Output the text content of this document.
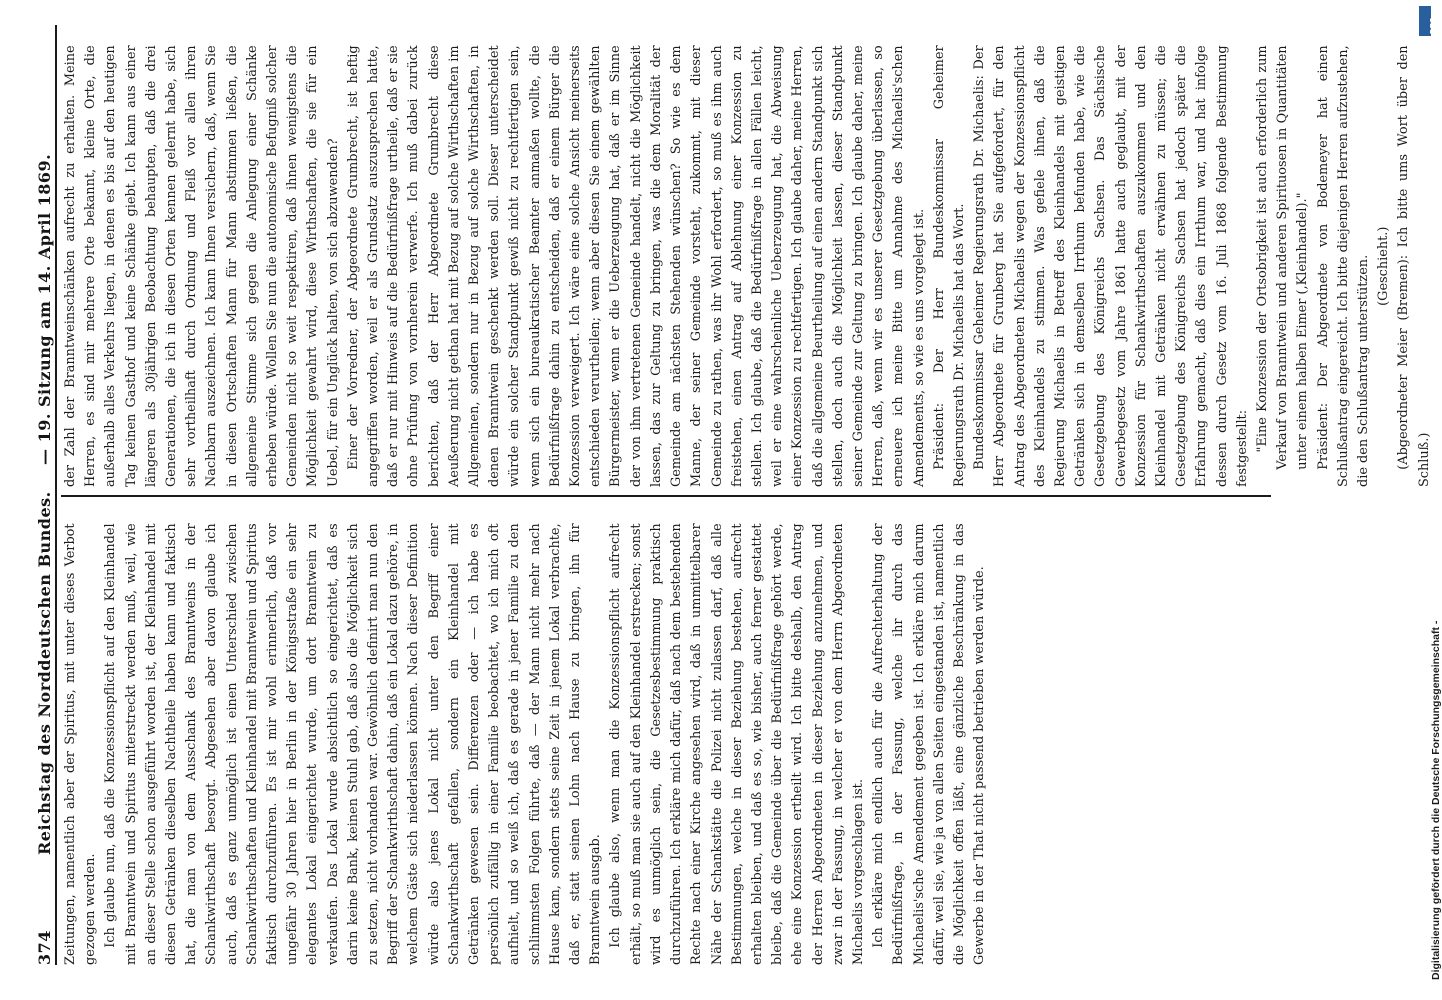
374
Reichstag des Norddeutschen Bundes.
— 19. Sitzung am 14. April 1869.

Zeitungen, namentlich aber der Spiritus, mit unter dieses Verbot gezogen werden. Ich glaube nun, daß die Konzessionspflicht auf den Kleinhandel mit Branntwein und Spiritus miterstreckt werden muß, weil, wie an dieser Stelle schon ausgeführt worden ist, der Kleinhandel mit diesen Getränken dieselben Nachtheile haben kann und faktisch hat, die man von dem Ausschank des Branntweins in der Schankwirthschaft besorgt. Abgesehen aber davon glaube ich auch, daß es ganz unmöglich ist einen Unterschied zwischen Schankwirthschaften und Kleinhandel mit Branntwein und Spiritus faktisch durchzuführen. Es ist mir wohl erinnerlich, daß vor ungefähr 30 Jahren hier in Berlin in der Königsstraße ein sehr elegantes Lokal eingerichtet wurde, um dort Branntwein zu verkaufen. Das Lokal wurde absichtlich so eingerichtet, daß es darin keine Bank, keinen Stuhl gab, daß also die Möglichkeit sich zu setzen, nicht vorhanden war. Gewöhnlich definirt man nun den Begriff der Schankwirthschaft dahin, daß ein Lokal dazu gehöre, in welchem Gäste sich niederlassen können. Nach dieser Definition würde also jenes Lokal nicht unter den Begriff einer Schankwirthschaft gefallen, sondern ein Kleinhandel mit Getränken gewesen sein. Differenzen oder — ich habe es persönlich zufällig in einer Familie beobachtet, wo ich mich oft aufhielt, und so weiß ich, daß es gerade in jener Familie zu den schlimmsten Folgen führte, daß — der Mann nicht mehr nach Hause kam, sondern stets seine Zeit in jenem Lokal verbrachte, daß er, statt seinen Lohn nach Hause zu bringen, ihn für Branntwein ausgab. Ich glaube also, wenn man die Konzessionspflicht aufrecht erhält, so muß man sie auch auf den Kleinhandel erstrecken; sonst wird es unmöglich sein, die Gesetzesbestimmung praktisch durchzuführen. Ich erkläre mich dafür, daß nach dem bestehenden Rechte nach einer Kirche angesehen wird, daß in ummittelbarer Nähe der Schankstätte die Polizei nicht zulassen darf, daß alle Bestimmungen, welche in dieser Beziehung bestehen, aufrecht erhalten bleiben, und daß es so, wie bisher, auch ferner gestattet bleibe, daß die Gemeinde über die Bedürfnißfrage gehört werde, ehe eine Konzession ertheilt wird. Ich bitte deshalb, den Antrag der Herren Abgeordneten in dieser Beziehung anzunehmen, und zwar in der Fassung, in welcher er von dem Herrn Abgeordneten Michaelis vorgeschlagen ist. Ich erkläre mich endlich auch für die Aufrechterhaltung der Bedürfnißfrage, in der Fassung, welche ihr durch das Michaelis'sche Amendement gegeben ist. Ich erkläre mich darum dafür, weil sie, wie ja von allen Seiten eingestanden ist, namentlich die Möglichkeit offen läßt, eine gänzliche Beschränkung in das Gewerbe in der That nicht passend betrieben werden würde.

der Zahl der Branntweinschänken aufrecht zu erhalten. Meine Herren, es sind mir mehrere Orte bekannt, kleine Orte, die außerhalb alles Verkehrs liegen, in denen es bis auf den heutigen Tag keinen Gasthof und keine Schänke giebt. Ich kann aus einer längeren als 30jährigen Beobachtung behaupten, daß die drei Generationen, die ich in diesen Orten kennen gelernt habe, sich sehr vortheilhaft durch Ordnung und Fleiß vor allen ihren Nachbarn auszeichnen. Ich kann Ihnen versichern, daß, wenn Sie in diesen Ortschaften Mann für Mann abstimmen ließen, die allgemeine Stimme sich gegen die Anlegung einer Schänke erheben würde. Wollen Sie nun die autonomische Befugniß solcher Gemeinden nicht so weit respektiren, daß ihnen wenigstens die Möglichkeit gewahrt wird, diese Wirthschaften, die sie für ein Uebel, für ein Unglück halten, von sich abzuwenden? Einer der Vorredner, der Abgeordnete Grumbrecht, ist heftig angegriffen worden, weil er als Grundsatz auszusprechen hatte, daß er nur mit Hinweis auf die Bedürfnißfrage urtheile, daß er sie ohne Prüfung von vornherein verwerfe. Ich muß dabei zurück berichten, daß der Herr Abgeordnete Grumbrecht diese Aeußerung nicht gethan hat mit Bezug auf solche Wirthschaften im Allgemeinen, sondern nur in Bezug auf solche Wirthschaften, in denen Branntwein geschenkt werden soll. Dieser unterscheidet würde ein solcher Standpunkt gewiß nicht zu rechtfertigen sein, wenn sich ein bureaukratischer Beamter anmaßen wollte, die Bedürfnißfrage dahin zu entscheiden, daß er einem Bürger die Konzession verweigert. Ich wäre eine solche Ansicht meinerseits entschieden verurtheilen; wenn aber diesen Sie einem gewählten Bürgermeister, wenn er die Ueberzeugung hat, daß er im Sinne der von ihm vertretenen Gemeinde handelt, nicht die Möglichkeit lassen, das zur Geltung zu bringen, was die dem Moralität der Gemeinde am nächsten Stehenden wünschen? So wie es dem Manne, der seiner Gemeinde vorsteht, zukommt, mit dieser Gemeinde zu rathen, was ihr Wohl erfordert, so muß es ihm auch freistehen, einen Antrag auf Ablehnung einer Konzession zu stellen. Ich glaube, daß die Bedürfnißfrage in allen Fällen leicht, weil er eine wahrscheinliche Ueberzeugung hat, die Abweisung einer Konzession zu rechtfertigen. Ich glaube daher, meine Herren, daß die allgemeine Beurtheilung auf einen andern Standpunkt sich stellen, doch auch die Möglichkeit lassen, dieser Standpunkt seiner Gemeinde zur Geltung zu bringen. Ich glaube daher, meine Herren, daß, wenn wir es unserer Gesetzgebung überlassen, so erneuere ich meine Bitte um Annahme des Michaelis'schen Amendements, so wie es uns vorgelegt ist. Präsident: Der Herr Bundeskommissar Geheimer Regierungsrath Dr. Michaelis hat das Wort. Bundeskommissar Geheimer Regierungsrath Dr. Michaelis: Der Herr Abgeordnete für Grunberg hat Sie aufgefordert, für den Antrag des Abgeordneten Michaelis wegen der Konzessionspflicht des Kleinhandels zu stimmen. Was gefiele ihnen, daß die Regierung Michaelis in Betreff des Kleinhandels mit geistigen Getränken sich in demselben Irrthum befunden habe, wie die Gesetzgebung des Königreichs Sachsen. Das Sächsische Gewerbegesetz vom Jahre 1861 hatte auch geglaubt, mit der Konzession für Schankwirthschaften auszukommen und den Kleinhandel mit Getränken nicht erwähnen zu müssen; die Gesetzgebung des Königreichs Sachsen hat jedoch später die Erfahrung gemacht, daß dies ein Irrthum war, und hat infolge dessen durch Gesetz vom 16. Juli 1868 folgende Bestimmung festgestellt: "Eine Konzession der Ortsobrigkeit ist auch erforderlich zum Verkauf von Branntwein und anderen Spirituosen in Quantitäten unter einem halben Eimer (,Kleinhandel)." Präsident: Der Abgeordnete von Bodemeyer hat einen Schlußantrag eingereicht. Ich bitte diejenigen Herren aufzustehen, die den Schlußantrag unterstützen. (Geschieht.) (Abgeordneter Meier (Bremen): Ich bitte ums Wort über den Schluß.)

Digitalisierung gefördert durch die Deutsche Forschungsgemeinschaft -
DFG
